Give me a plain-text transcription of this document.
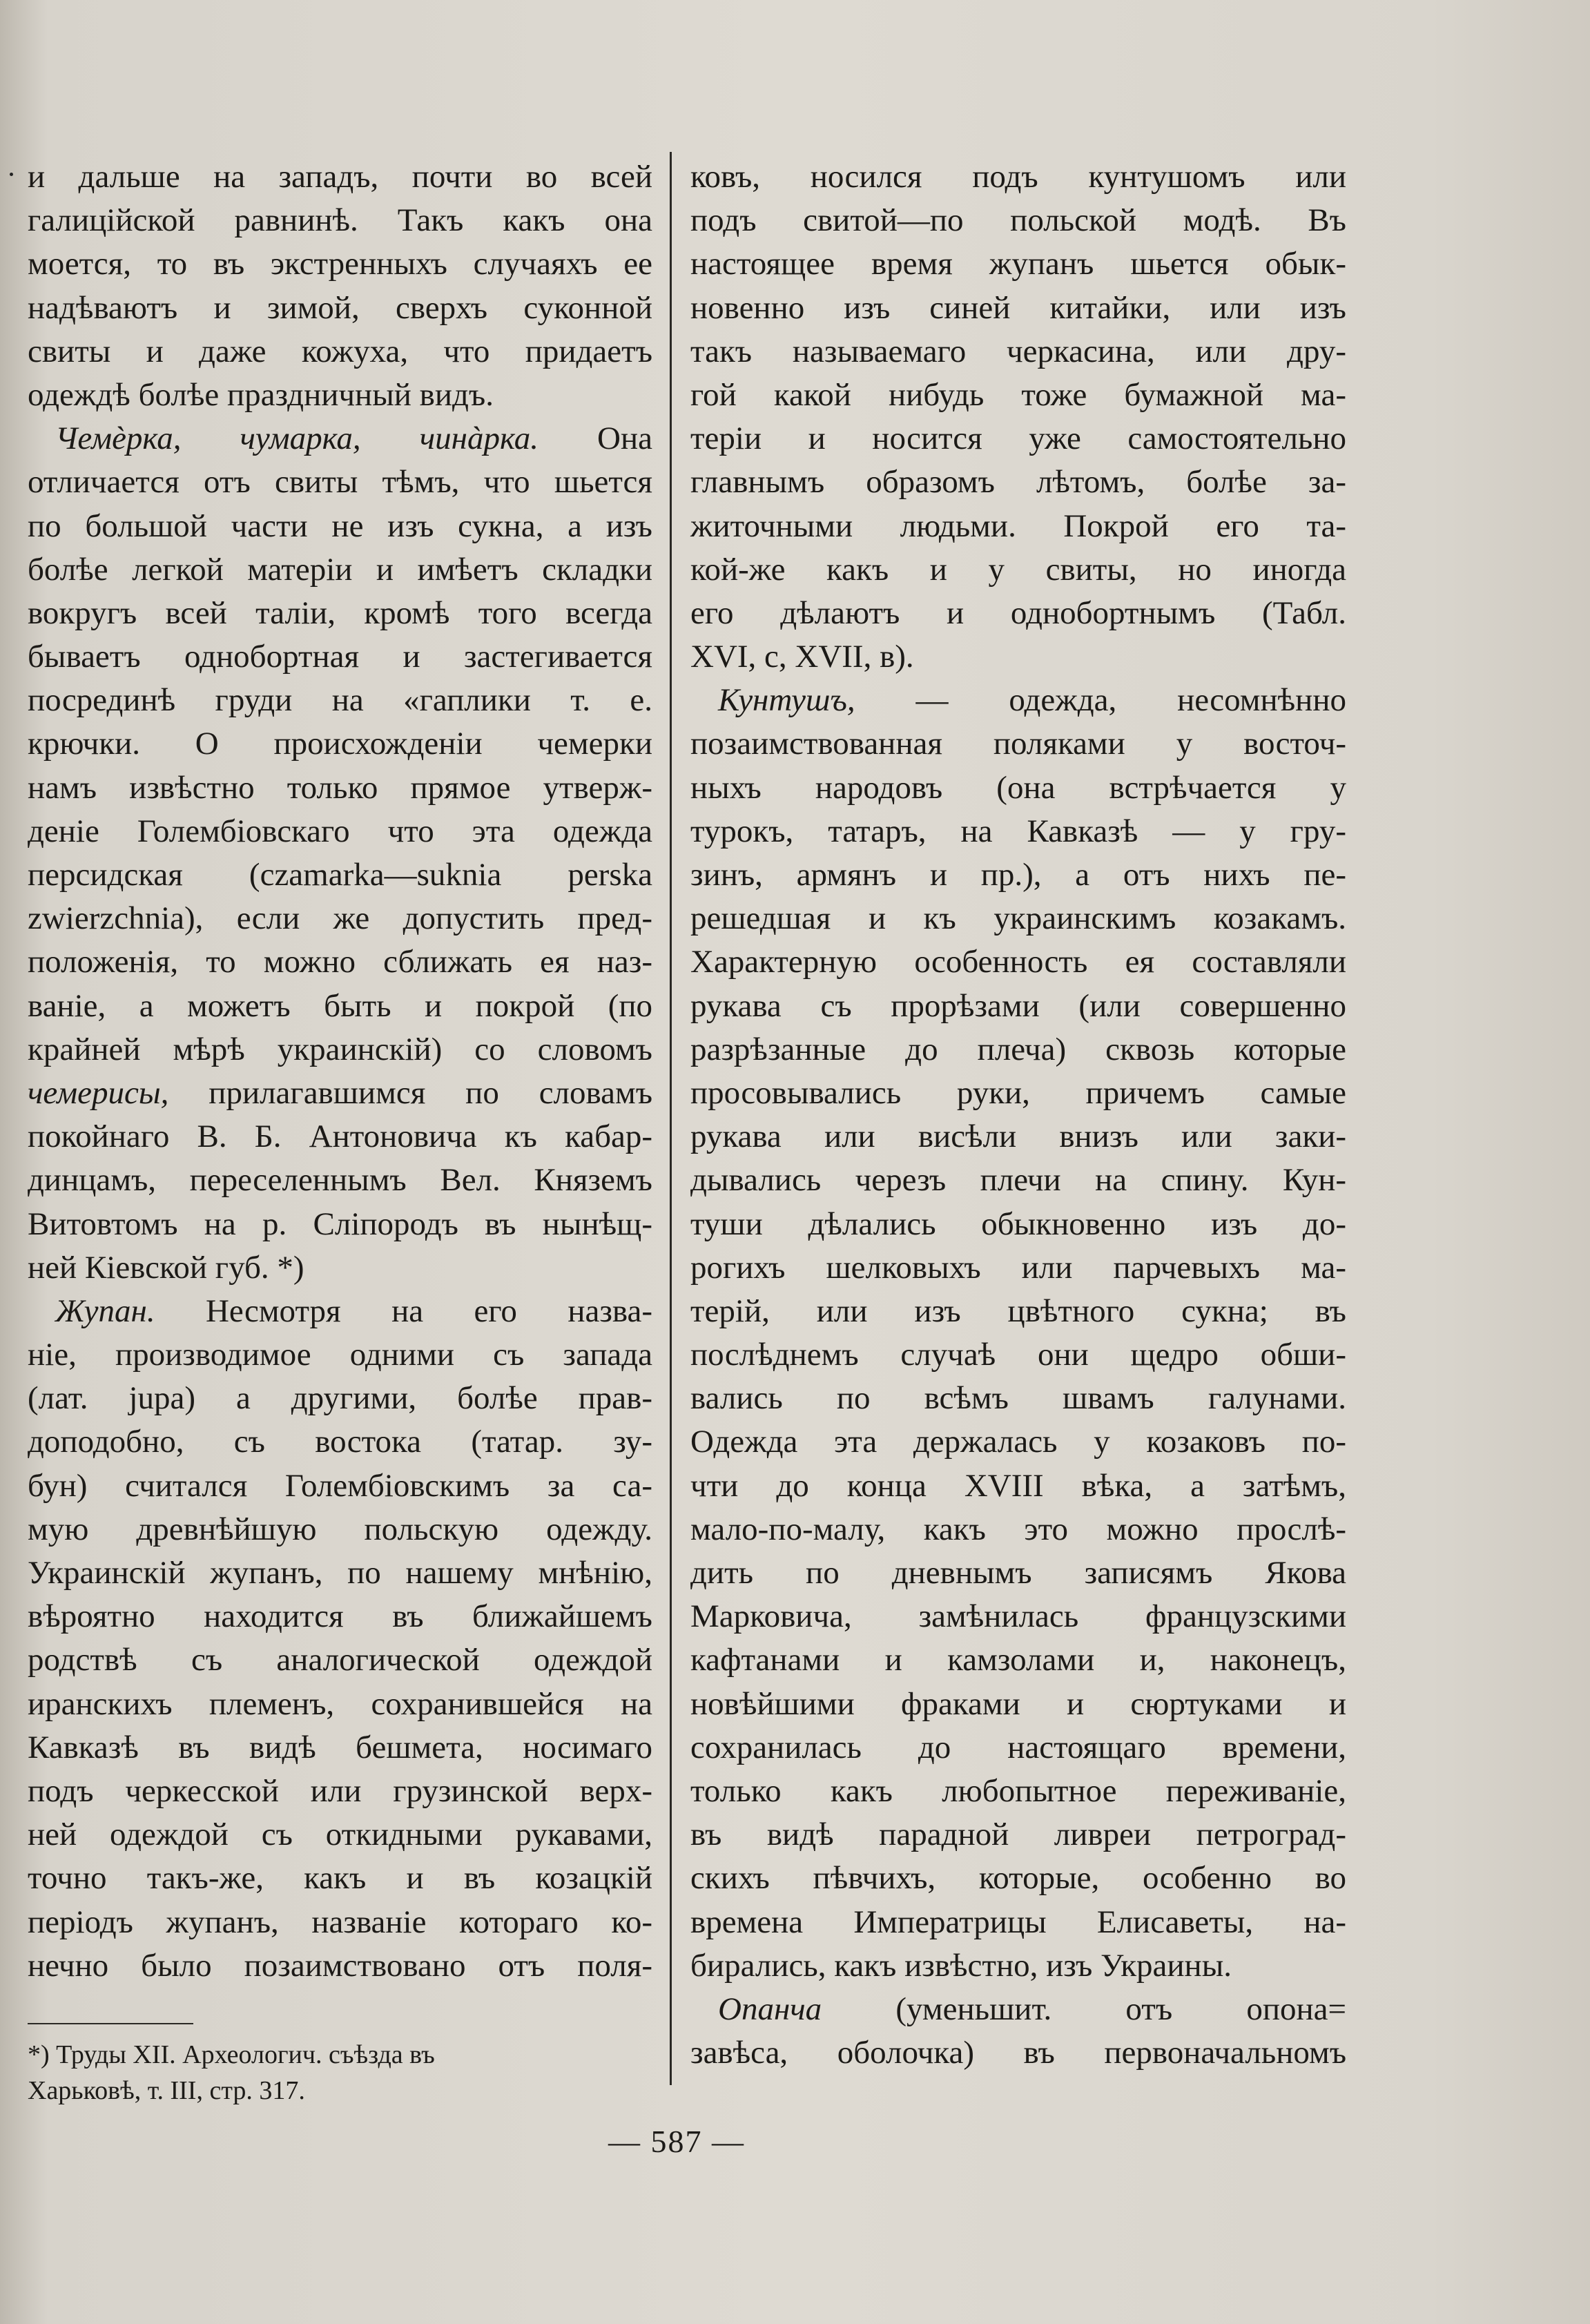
и дальше на западъ, почти во всей
галицiйской равнинѣ. Такъ какъ она
моется, то въ экстренныхъ случаяхъ ее
надѣваютъ и зимой, сверхъ суконной
свиты и даже кожуха, что придаетъ
одеждѣ болѣе праздничный видъ.
Чемѐрка, чумарка, чинàрка. Она
отличается отъ свиты тѣмъ, что шьется
по большой части не изъ сукна, а изъ
болѣе легкой матерiи и имѣетъ складки
вокругъ всей талiи, кромѣ того всегда
бываетъ однобортная и застегивается
посрединѣ груди на «гаплики т. е.
крючки. О происхожденiи чемерки
намъ извѣстно только прямое утверж-
денiе Голембiовскаго что эта одежда
персидская (czamarka—suknia perska
zwierzchnia), если же допустить пред-
положенiя, то можно сближать ея наз-
ванiе, а можетъ быть и покрой (по
крайней мѣрѣ украинскiй) со словомъ
чемерисы, прилагавшимся по словамъ
покойнаго В. Б. Антоновича къ кабар-
динцамъ, переселеннымъ Вел. Княземъ
Витовтомъ на р. Слiпородъ въ нынѣщ-
ней Кiевской губ. *)
Жупан. Несмотря на его назва-
нiе, производимое одними съ запада
(лат. jupa) а другими, болѣе прав-
доподобно, съ востока (татар. зу-
бун) считался Голембiовскимъ за са-
мую древнѣйшую польскую одежду.
Украинскiй жупанъ, по нашему мнѣнiю,
вѣроятно находится въ ближайшемъ
родствѣ съ аналогической одеждой
иранскихъ племенъ, сохранившейся на
Кавказѣ въ видѣ бешмета, носимаго
подъ черкесской или грузинской верх-
ней одеждой съ откидными рукавами,
точно такъ-же, какъ и въ козацкiй
перiодъ жупанъ, названiе котораго ко-
нечно было позаимствовано отъ поля-
ковъ, носился подъ кунтушомъ или
подъ свитой—по польской модѣ. Въ
настоящее время жупанъ шьется обык-
новенно изъ синей китайки, или изъ
такъ называемаго черкасина, или дру-
гой какой нибудь тоже бумажной ма-
терiи и носится уже самостоятельно
главнымъ образомъ лѣтомъ, болѣе за-
житочными людьми. Покрой его та-
кой-же какъ и у свиты, но иногда
его дѣлаютъ и однобортнымъ (Табл.
XVI, с, XVII, в).
Кунтушъ, — одежда, несомнѣнно
позаимствованная поляками у восточ-
ныхъ народовъ (она встрѣчается у
турокъ, татаръ, на Кавказѣ — у гру-
зинъ, армянъ и пр.), а отъ нихъ пе-
решедшая и къ украинскимъ козакамъ.
Характерную особенность ея составляли
рукава съ прорѣзами (или совершенно
разрѣзанные до плеча) сквозь которые
просовывались руки, причемъ самые
рукава или висѣли внизъ или заки-
дывались черезъ плечи на спину. Кун-
туши дѣлались обыкновенно изъ до-
рогихъ шелковыхъ или парчевыхъ ма-
терiй, или изъ цвѣтного сукна; въ
послѣднемъ случаѣ они щедро обши-
вались по всѣмъ швамъ галунами.
Одежда эта держалась у козаковъ по-
чти до конца XVIII вѣка, а затѣмъ,
мало-по-малу, какъ это можно прослѣ-
дить по дневнымъ записямъ Якова
Марковича, замѣнилась французскими
кафтанами и камзолами и, наконецъ,
новѣйшими фраками и сюртуками и
сохранилась до настоящаго времени,
только какъ любопытное переживанiе,
въ видѣ парадной ливреи петроград-
скихъ пѣвчихъ, которые, особенно во
времена Императрицы Елисаветы, на-
бирались, какъ извѣстно, изъ Украины.
Опанча (уменьшит. отъ опона=
завѣса, оболочка) въ первоначальномъ
*) Труды XII. Археологич. съѣзда въ
Харьковѣ, т. III, стр. 317.
— 587 —
